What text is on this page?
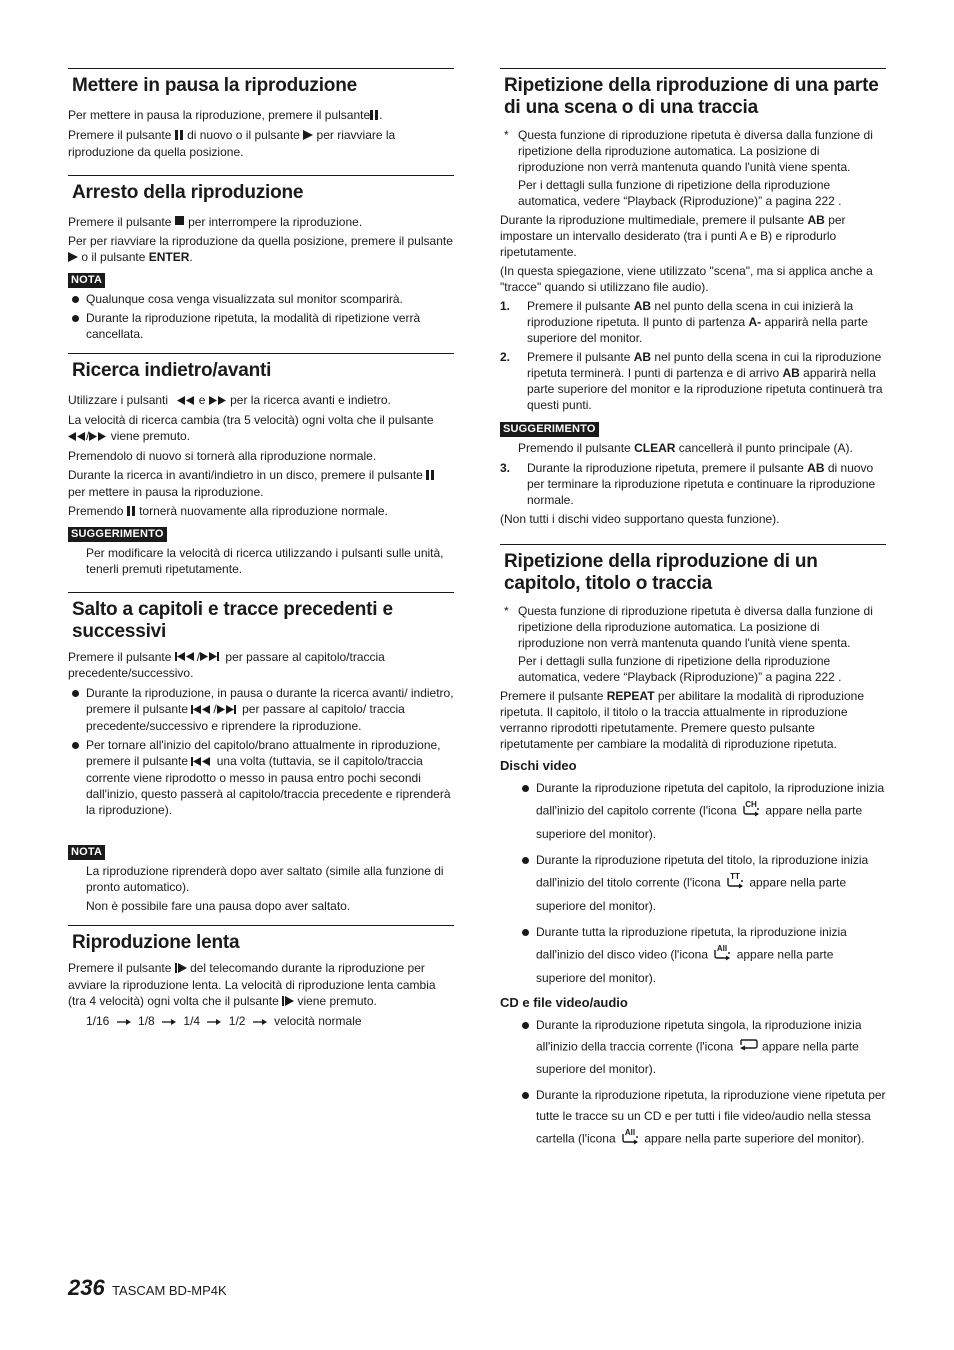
Mettere in pausa la riproduzione
Per mettere in pausa la riproduzione, premere il pulsante .
Premere il pulsante di nuovo o il pulsante per riavviare la riproduzione da quella posizione.
Arresto della riproduzione
Premere il pulsante per interrompere la riproduzione.
Per per riavviare la riproduzione da quella posizione, premere il pulsante  o il pulsante ENTER.
NOTA
Qualunque cosa venga visualizzata sul monitor scomparirà.
Durante la riproduzione ripetuta, la modalità di ripetizione verrà cancellata.
Ricerca indietro/avanti
Utilizzare i pulsanti	e per la ricerca avanti e indietro.
La velocità di ricerca cambia (tra 5 velocità) ogni volta che il pulsante / viene premuto.
Premendolo di nuovo si tornerà alla riproduzione normale.
Durante la ricerca in avanti/indietro in un disco, premere il pulsante  per mettere in pausa la riproduzione.
Premendo tornerà nuovamente alla riproduzione normale.
SUGGERIMENTO
Per modificare la velocità di ricerca utilizzando i pulsanti sulle unità, tenerli premuti ripetutamente.
Salto a capitoli e tracce precedenti e successivi
Premere il pulsante / per passare al capitolo/traccia precedente/successivo.
Durante la riproduzione, in pausa o durante la ricerca avanti/ indietro, premere il pulsante / per passare al capitolo/ traccia precedente/successivo e riprendere la riproduzione.
Per tornare all'inizio del capitolo/brano attualmente in riproduzione, premere il pulsante una volta (tuttavia, se il capitolo/traccia corrente viene riprodotto o messo in pausa entro pochi secondi dall'inizio, questo passerà al capitolo/traccia precedente e riprenderà la riproduzione).
NOTA
La riproduzione riprenderà dopo aver saltato (simile alla funzione di pronto automatico).
Non è possibile fare una pausa dopo aver saltato.
Riproduzione lenta
Premere il pulsante del telecomando durante la riproduzione per avviare la riproduzione lenta. La velocità di riproduzione lenta cambia (tra 4 velocità) ogni volta che il pulsante viene premuto.
1/16 1/8 1/4 1/2 velocità normale
Ripetizione della riproduzione di una parte di una scena o di una traccia
* Questa funzione di riproduzione ripetuta è diversa dalla funzione di ripetizione della riproduzione automatica. La posizione di riproduzione non verrà mantenuta quando l'unità viene spenta.
Per i dettagli sulla funzione di ripetizione della riproduzione automatica, vedere “Playback (Riproduzione)” a pagina 222 .
Durante la riproduzione multimediale, premere il pulsante AB per impostare un intervallo desiderato (tra i punti A e B) e riprodurlo ripetutamente.
(In questa spiegazione, viene utilizzato "scena", ma si applica anche a "tracce" quando si utilizzano file audio).
1. Premere il pulsante AB nel punto della scena in cui inizierà la riproduzione ripetuta. Il punto di partenza A- apparirà nella parte superiore del monitor.
2. Premere il pulsante AB nel punto della scena in cui la riproduzione ripetuta terminerà. I punti di partenza e di arrivo AB apparirà nella parte superiore del monitor e la riproduzione ripetuta continuerà tra questi punti.
SUGGERIMENTO
Premendo il pulsante CLEAR cancellerà il punto principale (A).
3. Durante la riproduzione ripetuta, premere il pulsante AB di nuovo per terminare la riproduzione ripetuta e continuare la riproduzione normale.
(Non tutti i dischi video supportano questa funzione).
Ripetizione della riproduzione di un capitolo, titolo o traccia
* Questa funzione di riproduzione ripetuta è diversa dalla funzione di ripetizione della riproduzione automatica. La posizione di riproduzione non verrà mantenuta quando l'unità viene spenta.
Per i dettagli sulla funzione di ripetizione della riproduzione automatica, vedere “Playback (Riproduzione)” a pagina 222 .
Premere il pulsante REPEAT per abilitare la modalità di riproduzione ripetuta. Il capitolo, il titolo o la traccia attualmente in riproduzione verranno riprodotti ripetutamente. Premere questo pulsante ripetutamente per cambiare la modalità di riproduzione ripetuta.
Dischi video
Durante la riproduzione ripetuta del capitolo, la riproduzione inizia dall'inizio del capitolo corrente (l'icona CH appare nella parte superiore del monitor).
Durante la riproduzione ripetuta del titolo, la riproduzione inizia dall'inizio del titolo corrente (l'icona TT appare nella parte superiore del monitor).
Durante tutta la riproduzione ripetuta, la riproduzione inizia dall'inizio del disco video (l'icona All appare nella parte superiore del monitor).
CD e file video/audio
Durante la riproduzione ripetuta singola, la riproduzione inizia all'inizio della traccia corrente (l'icona appare nella parte superiore del monitor).
Durante la riproduzione ripetuta, la riproduzione viene ripetuta per tutte le tracce su un CD e per tutti i file video/audio nella stessa cartella (l'icona All appare nella parte superiore del monitor).
236 TASCAM BD-MP4K
